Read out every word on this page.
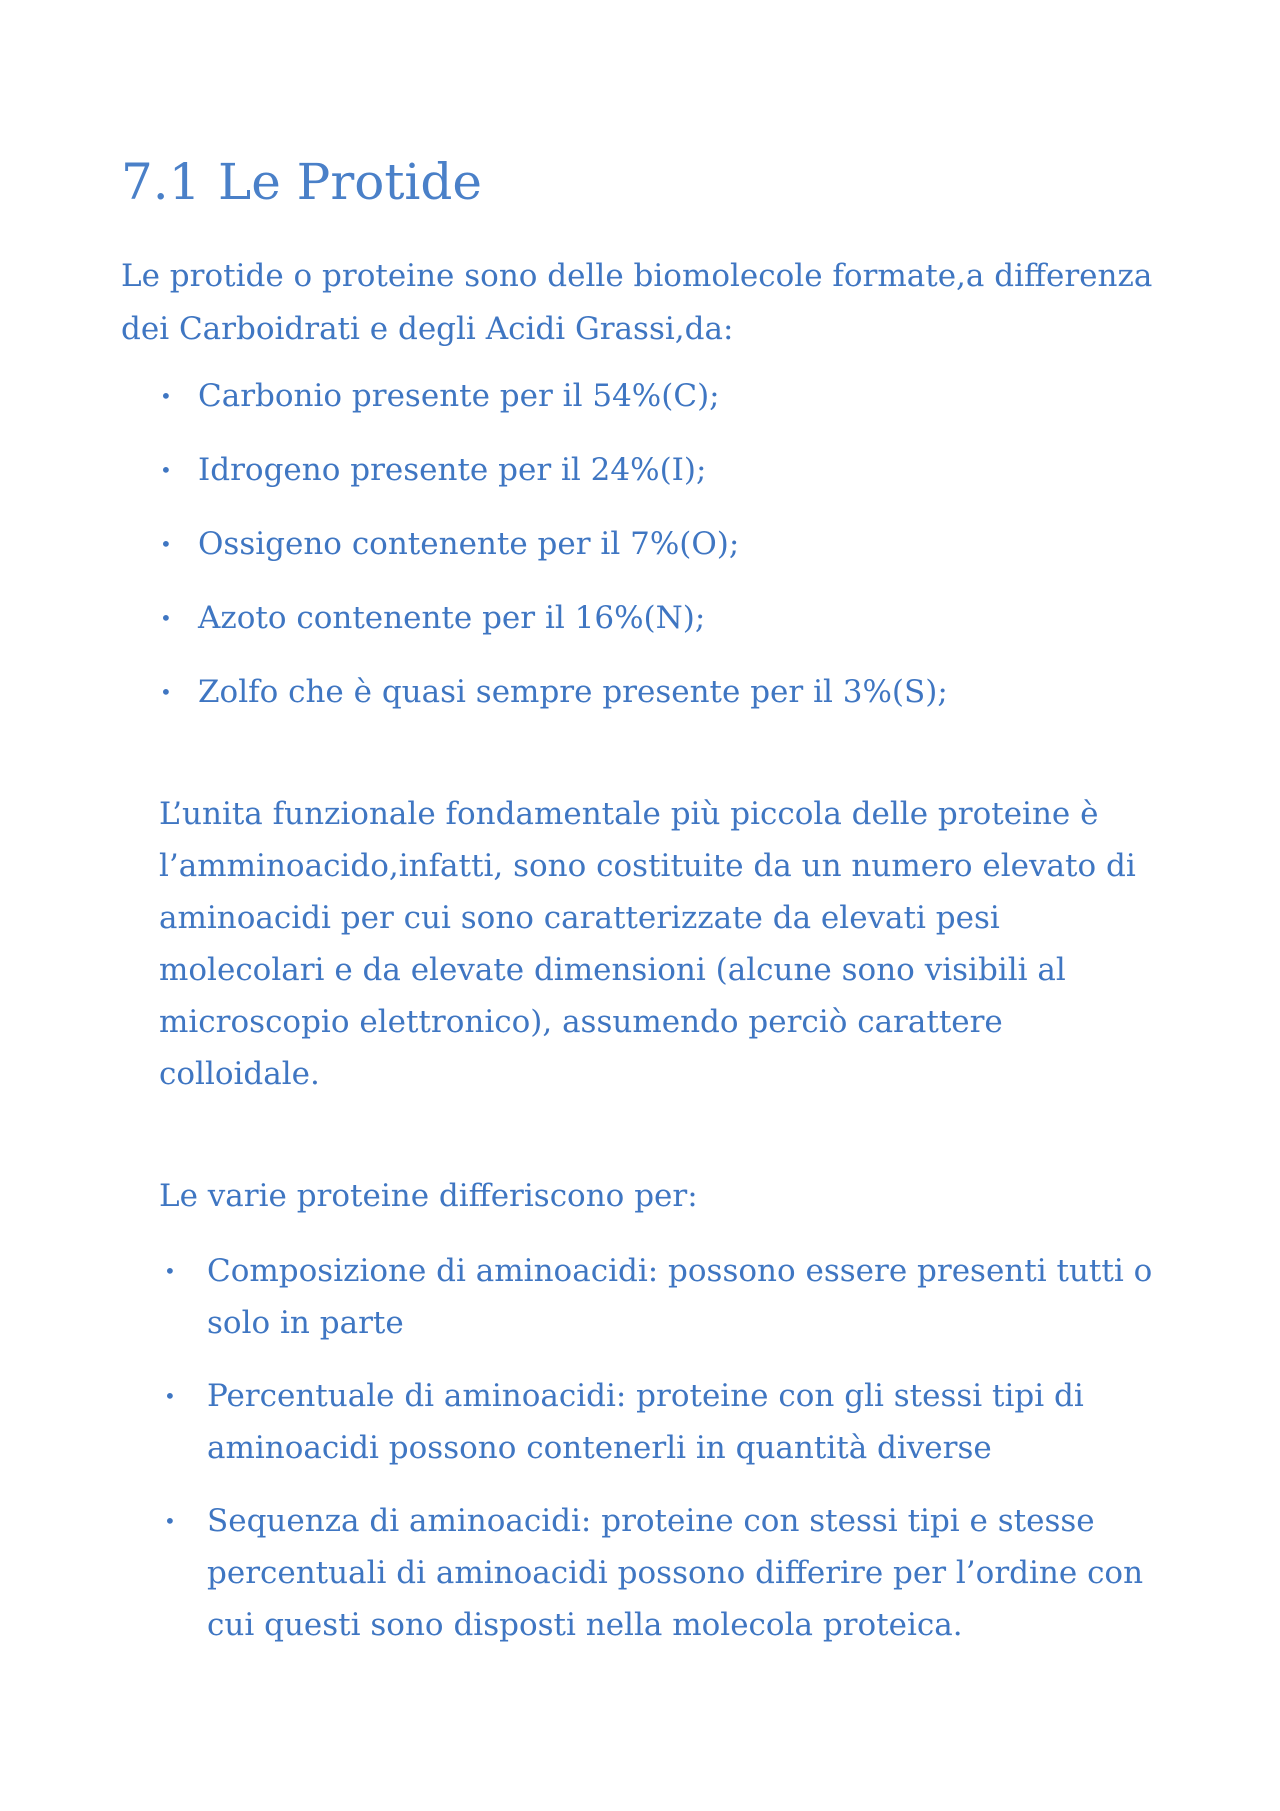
7.1 Le Protide

Le protide o proteine sono delle biomolecole formate,a differenza dei Carboidrati e degli Acidi Grassi,da:

• Carbonio presente per il 54%(C);
• Idrogeno presente per il 24%(I);
• Ossigeno contenente per il 7%(O);
• Azoto contenente per il 16%(N);
• Zolfo che è quasi sempre presente per il 3%(S);

L’unita funzionale fondamentale più piccola delle proteine è l’amminoacido,infatti, sono costituite da un numero elevato di aminoacidi per cui sono caratterizzate da elevati pesi molecolari e da elevate dimensioni (alcune sono visibili al microscopio elettronico), assumendo perciò carattere colloidale.

Le varie proteine differiscono per:

• Composizione di aminoacidi: possono essere presenti tutti o solo in parte
• Percentuale di aminoacidi: proteine con gli stessi tipi di aminoacidi possono contenerli in quantità diverse
• Sequenza di aminoacidi: proteine con stessi tipi e stesse percentuali di aminoacidi possono differire per l’ordine con cui questi sono disposti nella molecola proteica.
